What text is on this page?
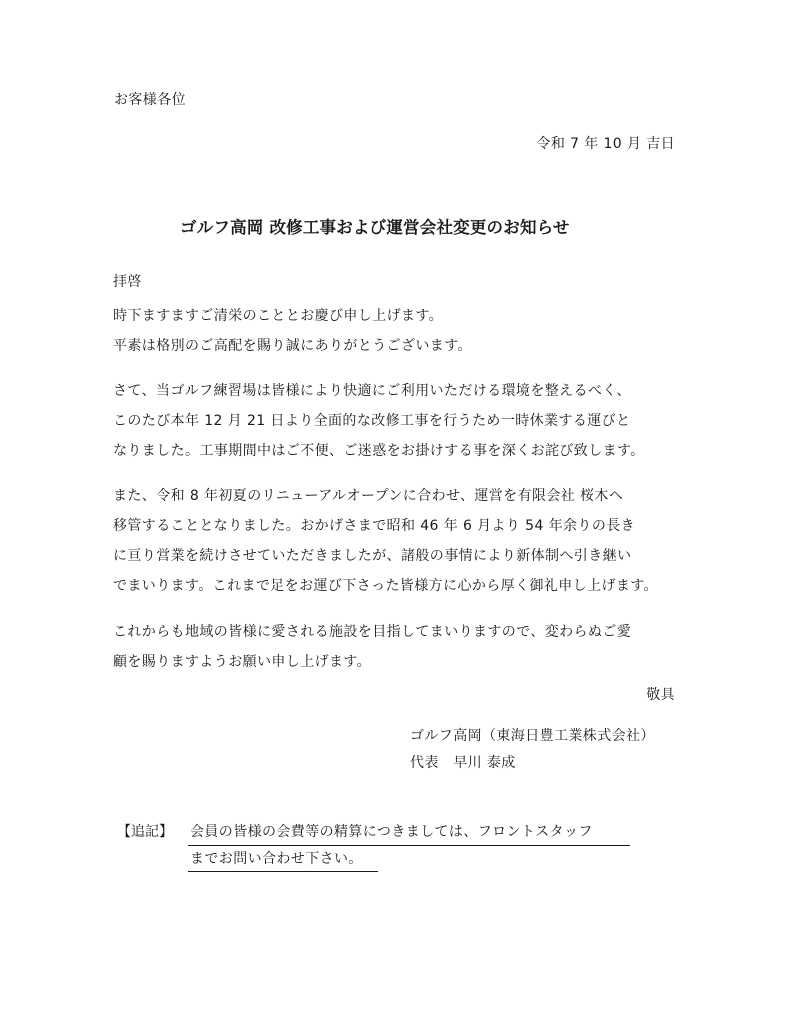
お客様各位
令和 7 年 10 月 吉日
ゴルフ高岡 改修工事および運営会社変更のお知らせ
拝啓
時下ますますご清栄のこととお慶び申し上げます。
平素は格別のご高配を賜り誠にありがとうございます。
さて、当ゴルフ練習場は皆様により快適にご利用いただける環境を整えるべく、
このたび本年 12 月 21 日より全面的な改修工事を行うため一時休業する運びと
なりました。工事期間中はご不便、ご迷惑をお掛けする事を深くお詫び致します。
また、令和 8 年初夏のリニューアルオープンに合わせ、運営を有限会社 桜木へ
移管することとなりました。おかげさまで昭和 46 年 6 月より 54 年余りの長き
に亘り営業を続けさせていただきましたが、諸般の事情により新体制へ引き継い
でまいります。これまで足をお運び下さった皆様方に心から厚く御礼申し上げます。
これからも地域の皆様に愛される施設を目指してまいりますので、変わらぬご愛
顧を賜りますようお願い申し上げます。
敬具
ゴルフ高岡（東海日豊工業株式会社）
代表　早川 泰成
【追記】 会員の皆様の会費等の精算につきましては、フロントスタッフ
までお問い合わせ下さい。
